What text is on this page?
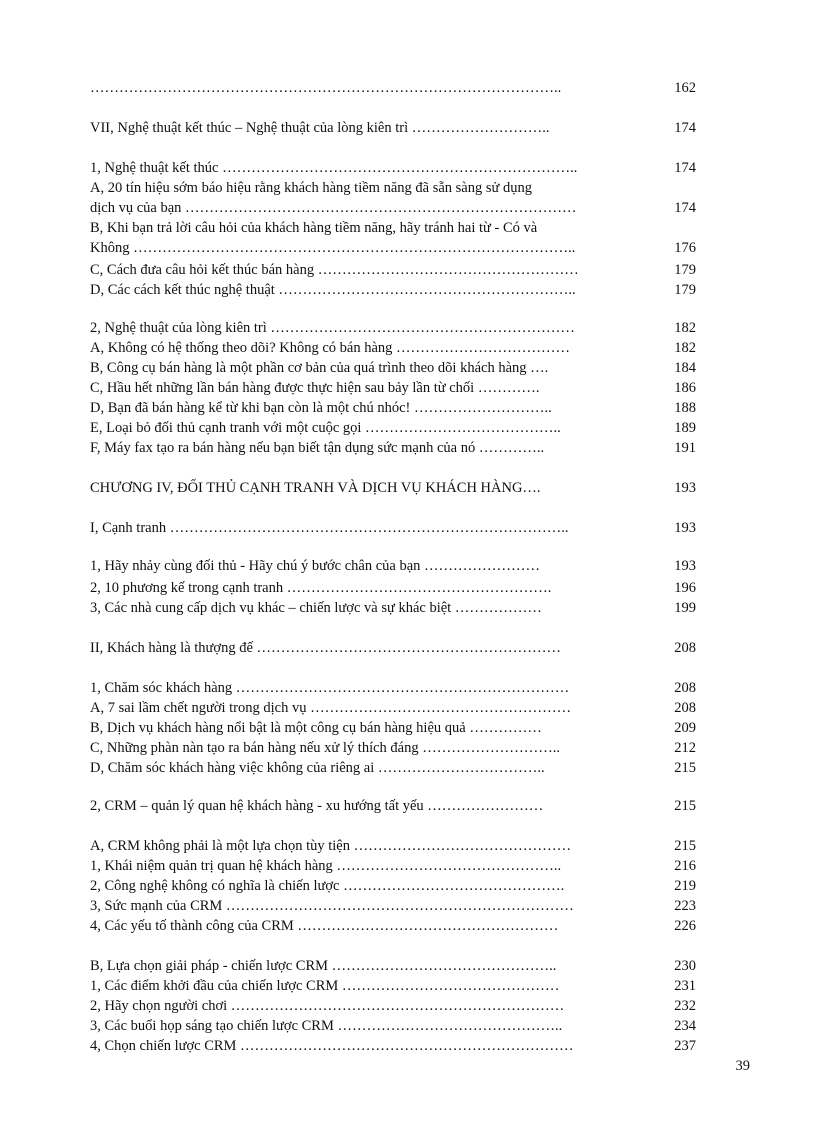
……………………………………………………………………………………..	162
VII, Nghệ thuật kết thúc – Nghệ thuật của lòng kiên trì ………………………..	174
1, Nghệ thuật kết thúc ………………………………………………………………..	174
A, 20 tín hiệu sớm báo hiệu rằng khách hàng tiềm năng đã sẵn sàng sử dụng
dịch vụ của bạn ………………………………………………………………………	174
B, Khi bạn trả lời câu hỏi của khách hàng tiềm năng, hãy tránh hai từ - Có và
Không ………………………………………………………………………………..	176
C, Cách đưa câu hỏi kết thúc bán hàng ………………………………………………	179
D, Các cách kết thúc nghệ thuật ……………………………………………………..	179
2, Nghệ thuật của lòng kiên trì ………………………………………………………	182
A, Không có hệ thống theo dõi? Không có bán hàng ………………………………	182
B, Công cụ bán hàng là một phần cơ bản của quá trình theo dõi khách hàng ….	184
C, Hầu hết những lần bán hàng được thực hiện sau bảy lần từ chối ………….	186
D, Bạn đã bán hàng kể từ khi bạn còn là một chú nhóc! ………………………..	188
E, Loại bỏ đối thủ cạnh tranh với một cuộc gọi …………………………………..	189
F, Máy fax tạo ra bán hàng nếu bạn biết tận dụng sức mạnh của nó …………..	191
CHƯƠNG IV, ĐỐI THỦ CẠNH TRANH VÀ DỊCH VỤ KHÁCH HÀNG….	193
I, Cạnh tranh ………………………………………………………………………..	193
1, Hãy nhảy cùng đối thủ - Hãy chú ý bước chân của bạn ……………………	193
2, 10 phương kế trong cạnh tranh ……………………………………………….	196
3, Các nhà cung cấp dịch vụ khác – chiến lược và sự khác biệt ………………	199
II, Khách hàng là thượng đế ………………………………………………………	208
1, Chăm sóc khách hàng ……………………………………………………………	208
A, 7 sai lầm chết người trong dịch vụ ………………………………………………	208
B, Dịch vụ khách hàng nổi bật là một công cụ bán hàng hiệu quả ……………	209
C, Những phàn nàn tạo ra bán hàng nếu xử lý thích đáng ………………………..	212
D, Chăm sóc khách hàng việc không của riêng ai ……………………………..	215
2, CRM – quản lý quan hệ khách hàng - xu hướng tất yếu ……………………	215
A, CRM không phải là một lựa chọn tùy tiện ………………………………………	215
1, Khái niệm quản trị quan hệ khách hàng ………………………………………..	216
2, Công nghệ không có nghĩa là chiến lược ……………………………………….	219
3, Sức mạnh của CRM ………………………………………………………………	223
4, Các yếu tố thành công của CRM ………………………………………………	226
B, Lựa chọn giải pháp - chiến lược CRM ………………………………………..	230
1, Các điểm khởi đầu của chiến lược CRM ………………………………………	231
2, Hãy chọn người chơi ……………………………………………………………	232
3, Các buổi họp sáng tạo chiến lược CRM ………………………………………..	234
4, Chọn chiến lược CRM ……………………………………………………………	237
39
